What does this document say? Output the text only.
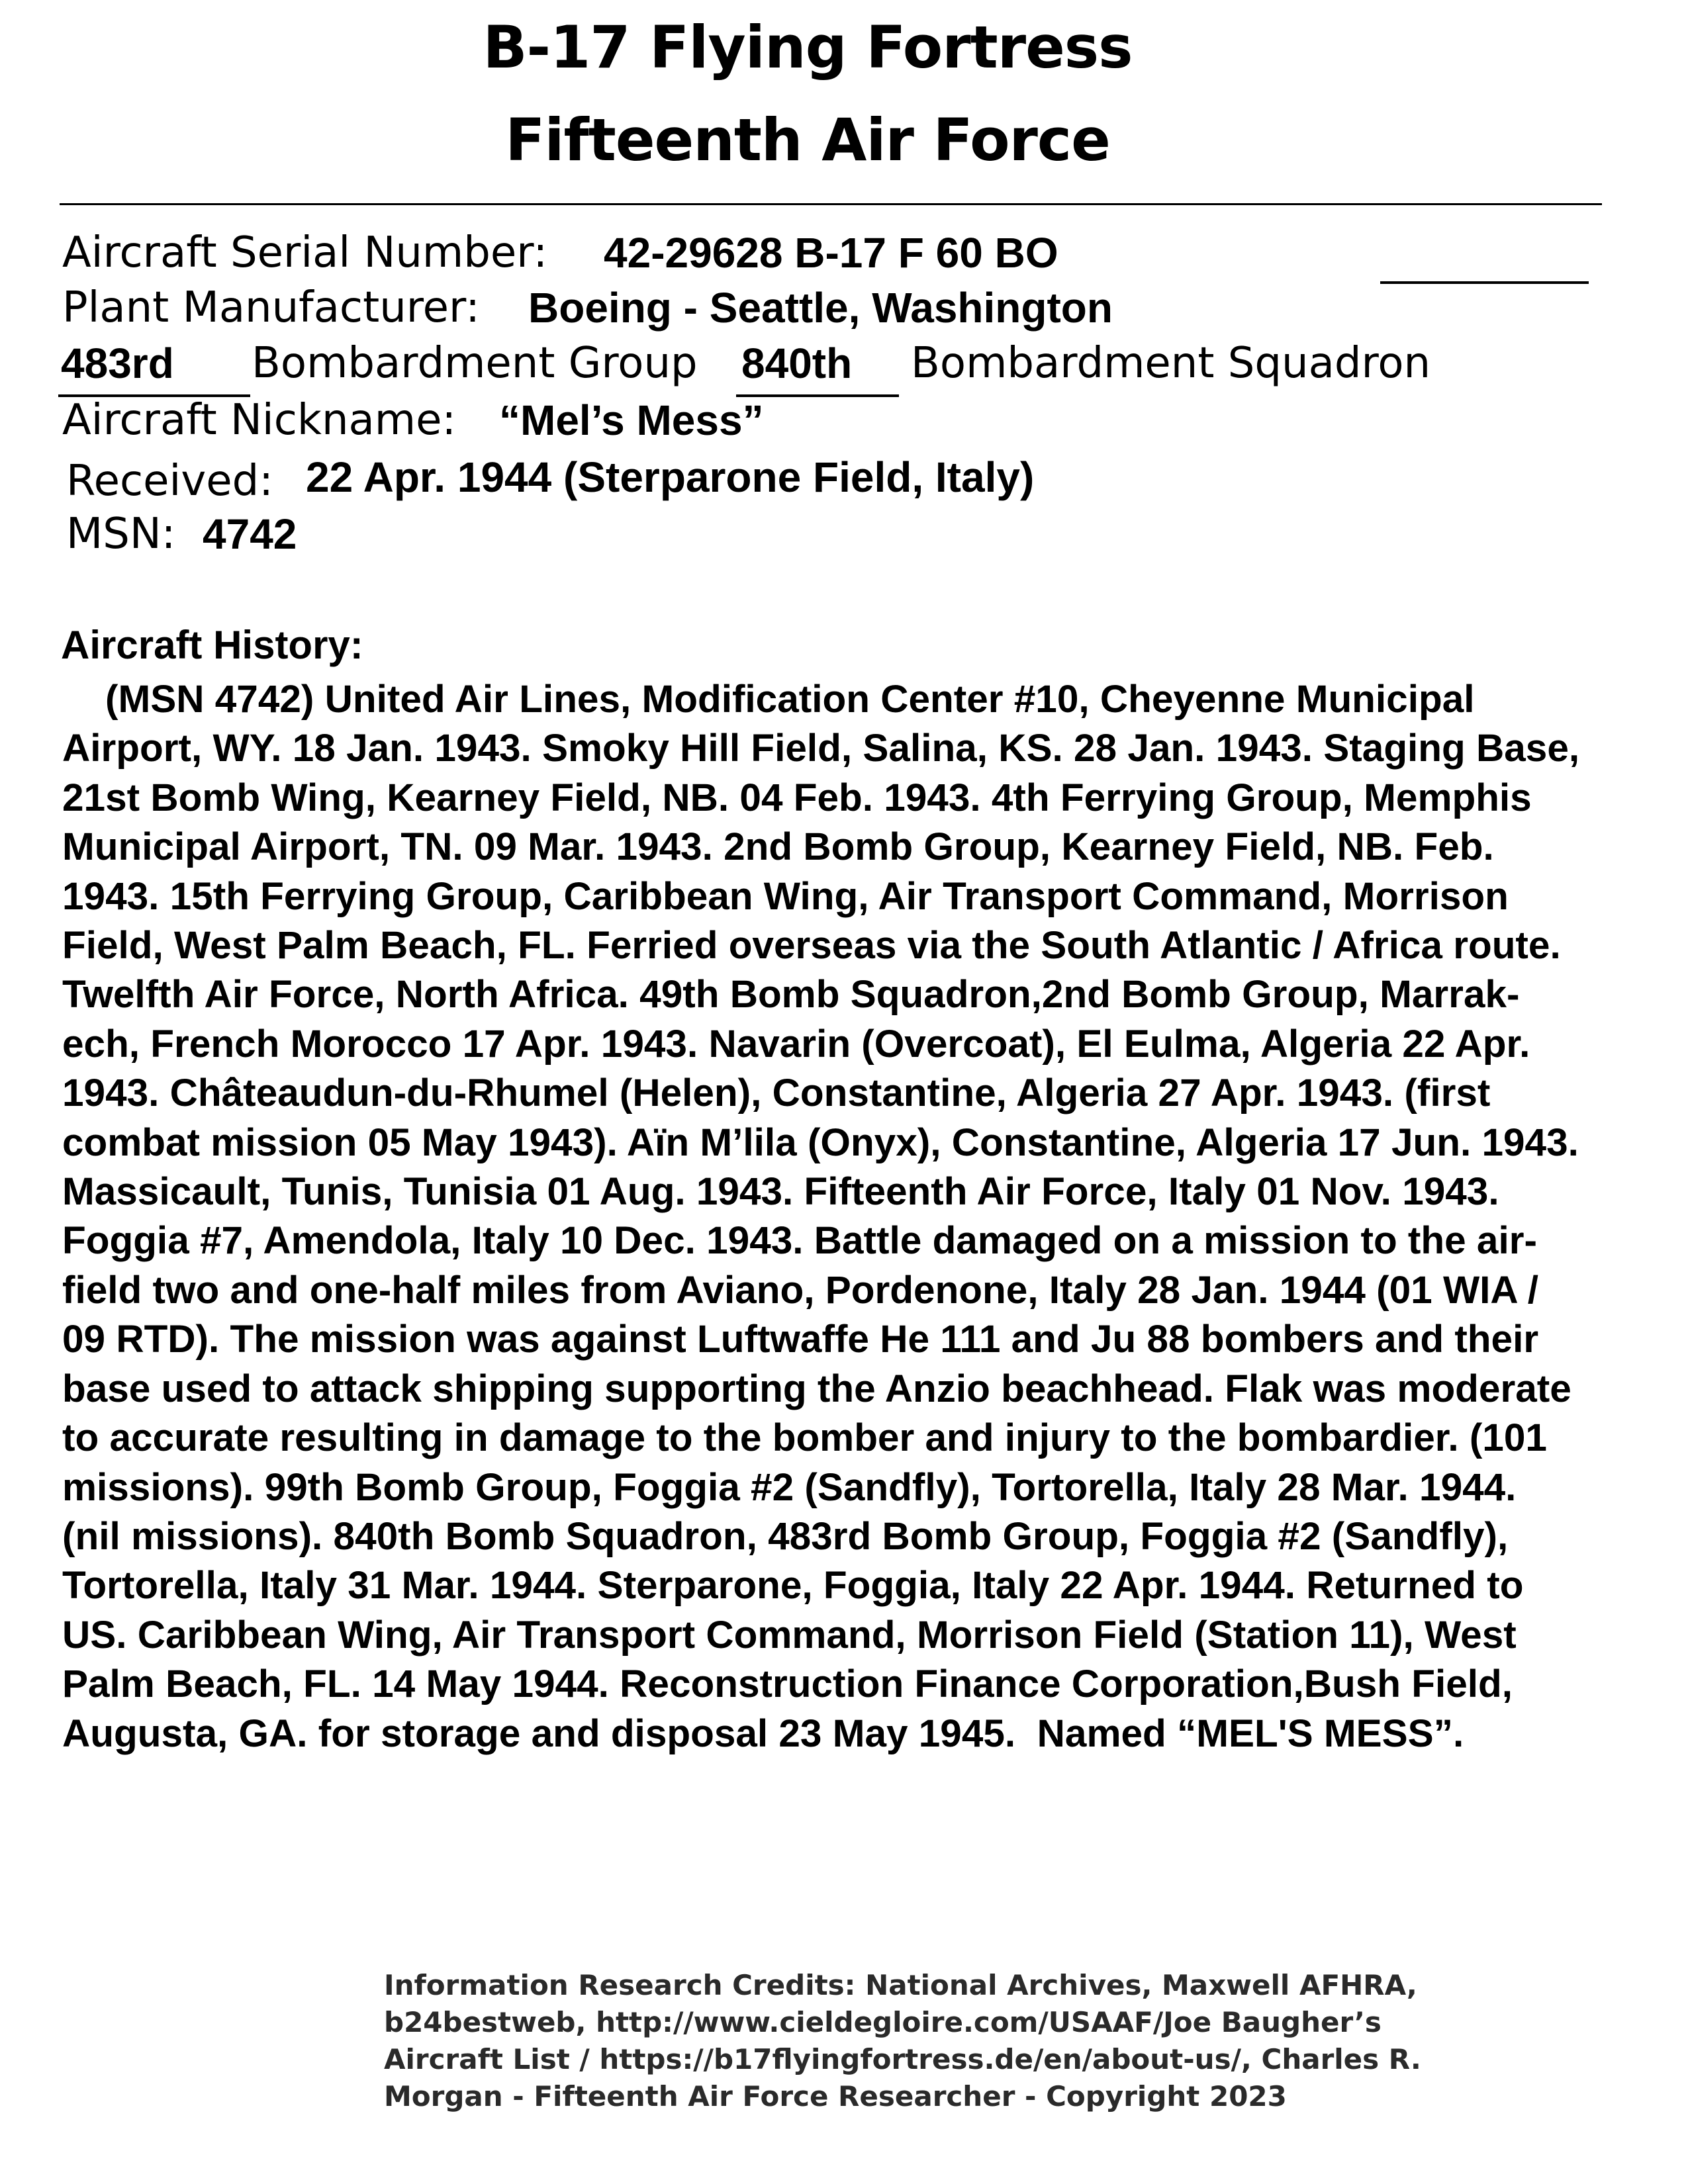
B-17 Flying Fortress
Fifteenth Air Force
Aircraft Serial Number: 42-29628 B-17 F 60 BO
Plant Manufacturer: Boeing - Seattle, Washington
483rd Bombardment Group 840th Bombardment Squadron
Aircraft Nickname: “Mel’s Mess”
Received: 22 Apr. 1944 (Sterparone Field, Italy)
MSN: 4742
Aircraft History:
(MSN 4742) United Air Lines, Modification Center #10, Cheyenne Municipal
Airport, WY. 18 Jan. 1943. Smoky Hill Field, Salina, KS. 28 Jan. 1943. Staging Base,
21st Bomb Wing, Kearney Field, NB. 04 Feb. 1943. 4th Ferrying Group, Memphis
Municipal Airport, TN. 09 Mar. 1943. 2nd Bomb Group, Kearney Field, NB. Feb.
1943. 15th Ferrying Group, Caribbean Wing, Air Transport Command, Morrison
Field, West Palm Beach, FL. Ferried overseas via the South Atlantic / Africa route.
Twelfth Air Force, North Africa. 49th Bomb Squadron,2nd Bomb Group, Marrak-
ech, French Morocco 17 Apr. 1943. Navarin (Overcoat), El Eulma, Algeria 22 Apr.
1943. Châteaudun-du-Rhumel (Helen), Constantine, Algeria 27 Apr. 1943. (first
combat mission 05 May 1943). Aïn M’lila (Onyx), Constantine, Algeria 17 Jun. 1943.
Massicault, Tunis, Tunisia 01 Aug. 1943. Fifteenth Air Force, Italy 01 Nov. 1943.
Foggia #7, Amendola, Italy 10 Dec. 1943. Battle damaged on a mission to the air-
field two and one-half miles from Aviano, Pordenone, Italy 28 Jan. 1944 (01 WIA /
09 RTD). The mission was against Luftwaffe He 111 and Ju 88 bombers and their
base used to attack shipping supporting the Anzio beachhead. Flak was moderate
to accurate resulting in damage to the bomber and injury to the bombardier. (101
missions). 99th Bomb Group, Foggia #2 (Sandfly), Tortorella, Italy 28 Mar. 1944.
(nil missions). 840th Bomb Squadron, 483rd Bomb Group, Foggia #2 (Sandfly),
Tortorella, Italy 31 Mar. 1944. Sterparone, Foggia, Italy 22 Apr. 1944. Returned to
US. Caribbean Wing, Air Transport Command, Morrison Field (Station 11), West
Palm Beach, FL. 14 May 1944. Reconstruction Finance Corporation,Bush Field,
Augusta, GA. for storage and disposal 23 May 1945.  Named “MEL'S MESS”.
Information Research Credits: National Archives, Maxwell AFHRA,
b24bestweb, http://www.cieldegloire.com/USAAF/Joe Baugher’s
Aircraft List / https://b17flyingfortress.de/en/about-us/, Charles R.
Morgan - Fifteenth Air Force Researcher - Copyright 2023
